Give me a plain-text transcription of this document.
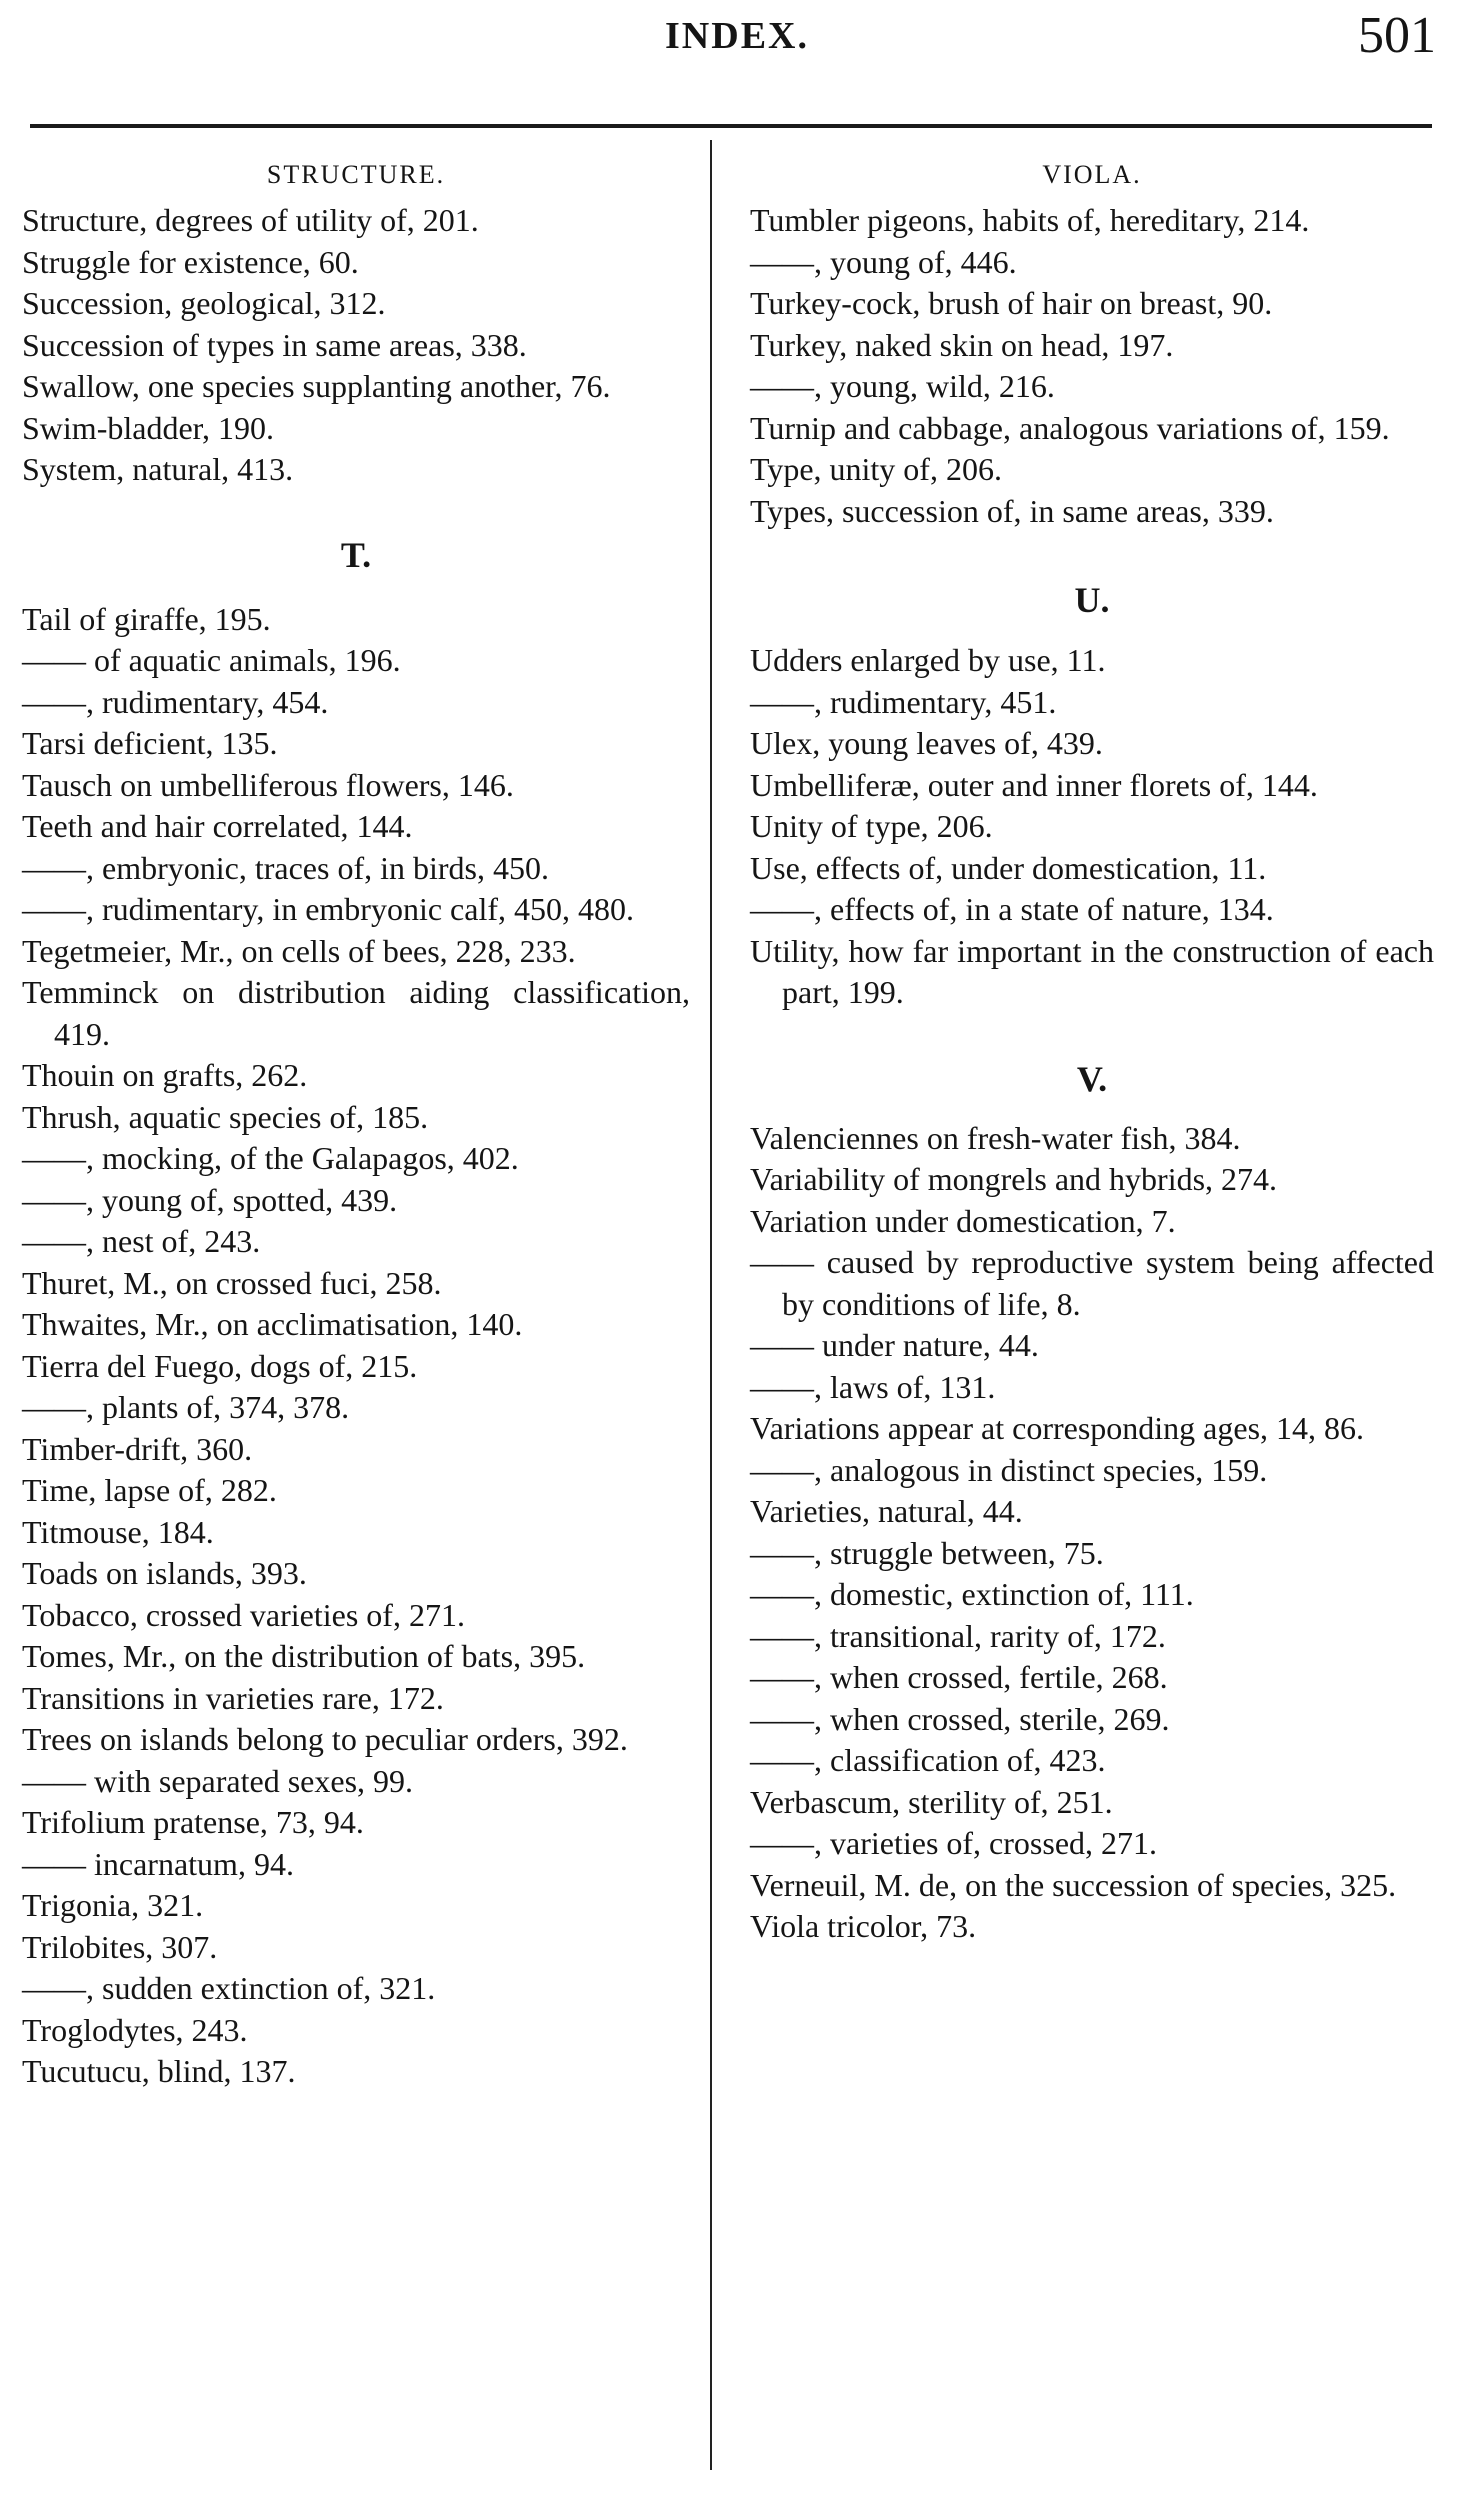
INDEX.	501
STRUCTURE.
Structure, degrees of utility of, 201.
Struggle for existence, 60.
Succession, geological, 312.
Succession of types in same areas, 338.
Swallow, one species supplanting another, 76.
Swim-bladder, 190.
System, natural, 413.
T.
Tail of giraffe, 195.
—— of aquatic animals, 196.
——, rudimentary, 454.
Tarsi deficient, 135.
Tausch on umbelliferous flowers, 146.
Teeth and hair correlated, 144.
——, embryonic, traces of, in birds, 450.
——, rudimentary, in embryonic calf, 450, 480.
Tegetmeier, Mr., on cells of bees, 228, 233.
Temminck on distribution aiding classification, 419.
Thouin on grafts, 262.
Thrush, aquatic species of, 185.
——, mocking, of the Galapagos, 402.
——, young of, spotted, 439.
——, nest of, 243.
Thuret, M., on crossed fuci, 258.
Thwaites, Mr., on acclimatisation, 140.
Tierra del Fuego, dogs of, 215.
——, plants of, 374, 378.
Timber-drift, 360.
Time, lapse of, 282.
Titmouse, 184.
Toads on islands, 393.
Tobacco, crossed varieties of, 271.
Tomes, Mr., on the distribution of bats, 395.
Transitions in varieties rare, 172.
Trees on islands belong to peculiar orders, 392.
—— with separated sexes, 99.
Trifolium pratense, 73, 94.
—— incarnatum, 94.
Trigonia, 321.
Trilobites, 307.
——, sudden extinction of, 321.
Troglodytes, 243.
Tucutucu, blind, 137.
VIOLA.
Tumbler pigeons, habits of, hereditary, 214.
——, young of, 446.
Turkey-cock, brush of hair on breast, 90.
Turkey, naked skin on head, 197.
——, young, wild, 216.
Turnip and cabbage, analogous variations of, 159.
Type, unity of, 206.
Types, succession of, in same areas, 339.
U.
Udders enlarged by use, 11.
——, rudimentary, 451.
Ulex, young leaves of, 439.
Umbelliferæ, outer and inner florets of, 144.
Unity of type, 206.
Use, effects of, under domestication, 11.
——, effects of, in a state of nature, 134.
Utility, how far important in the construction of each part, 199.
V.
Valenciennes on fresh-water fish, 384.
Variability of mongrels and hybrids, 274.
Variation under domestication, 7.
—— caused by reproductive system being affected by conditions of life, 8.
—— under nature, 44.
——, laws of, 131.
Variations appear at corresponding ages, 14, 86.
——, analogous in distinct species, 159.
Varieties, natural, 44.
——, struggle between, 75.
——, domestic, extinction of, 111.
——, transitional, rarity of, 172.
——, when crossed, fertile, 268.
——, when crossed, sterile, 269.
——, classification of, 423.
Verbascum, sterility of, 251.
——, varieties of, crossed, 271.
Verneuil, M. de, on the succession of species, 325.
Viola tricolor, 73.
